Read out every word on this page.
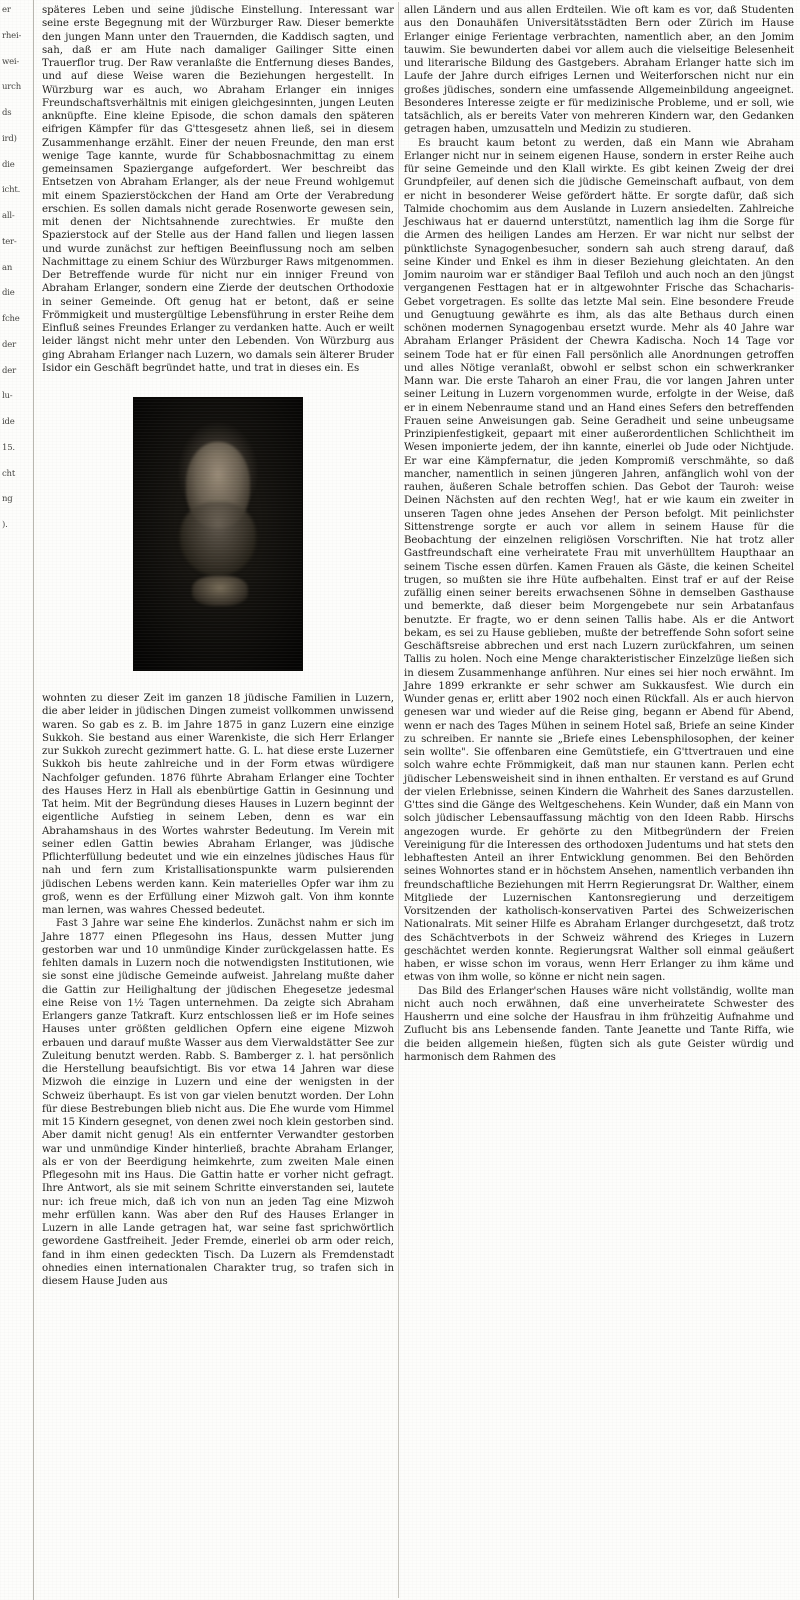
er
rhei-
wei-
urch
ds
ird)
die
icht.
all-
ter-
an
die
fche
der
der
lu-
ide
15.
cht
ng
).

späteres Leben und seine jüdische Einstellung. Interessant war seine erste Begegnung mit der Würzburger Raw. Dieser bemerkte den jungen Mann unter den Trauernden, die Kaddisch sagten, und sah, daß er am Hute nach damaliger Gailinger Sitte einen Trauerflor trug. Der Raw veranlaßte die Entfernung dieses Bandes, und auf diese Weise waren die Beziehungen hergestellt. In Würzburg war es auch, wo Abraham Erlanger ein inniges Freundschaftsverhältnis mit einigen gleichgesinnten, jungen Leuten anknüpfte. Eine kleine Episode, die schon damals den späteren eifrigen Kämpfer für das G'ttesgesetz ahnen ließ, sei in diesem Zusammenhange erzählt. Einer der neuen Freunde, den man erst wenige Tage kannte, wurde für Schabbosnachmittag zu einem gemeinsamen Spaziergange aufgefordert. Wer beschreibt das Entsetzen von Abraham Erlanger, als der neue Freund wohlgemut mit einem Spazierstöckchen der Hand am Orte der Verabredung erschien. Es sollen damals nicht gerade Rosenworte gewesen sein, mit denen der Nichtsahnende zurechtwies. Er mußte den Spazierstock auf der Stelle aus der Hand fallen und liegen lassen und wurde zunächst zur heftigen Beeinflussung noch am selben Nachmittage zu einem Schiur des Würzburger Raws mitgenommen. Der Betreffende wurde für nicht nur ein inniger Freund von Abraham Erlanger, sondern eine Zierde der deutschen Orthodoxie in seiner Gemeinde. Oft genug hat er betont, daß er seine Frömmigkeit und mustergültige Lebensführung in erster Reihe dem Einfluß seines Freundes Erlanger zu verdanken hatte. Auch er weilt leider längst nicht mehr unter den Lebenden. Von Würzburg aus ging Abraham Erlanger nach Luzern, wo damals sein älterer Bruder Isidor ein Geschäft begründet hatte, und trat in dieses ein. Es

wohnten zu dieser Zeit im ganzen 18 jüdische Familien in Luzern, die aber leider in jüdischen Dingen zumeist vollkommen unwissend waren. So gab es z. B. im Jahre 1875 in ganz Luzern eine einzige Sukkoh. Sie bestand aus einer Warenkiste, die sich Herr Erlanger zur Sukkoh zurecht gezimmert hatte. G. L. hat diese erste Luzerner Sukkoh bis heute zahlreiche und in der Form etwas würdigere Nachfolger gefunden. 1876 führte Abraham Erlanger eine Tochter des Hauses Herz in Hall als ebenbürtige Gattin in Gesinnung und Tat heim. Mit der Begründung dieses Hauses in Luzern beginnt der eigentliche Aufstieg in seinem Leben, denn es war ein Abrahamshaus in des Wortes wahrster Bedeutung. Im Verein mit seiner edlen Gattin bewies Abraham Erlanger, was jüdische Pflichterfüllung bedeutet und wie ein einzelnes jüdisches Haus für nah und fern zum Kristallisationspunkte warm pulsierenden jüdischen Lebens werden kann. Kein materielles Opfer war ihm zu groß, wenn es der Erfüllung einer Mizwoh galt. Von ihm konnte man lernen, was wahres Chessed bedeutet.

Fast 3 Jahre war seine Ehe kinderlos. Zunächst nahm er sich im Jahre 1877 einen Pflegesohn ins Haus, dessen Mutter jung gestorben war und 10 unmündige Kinder zurückgelassen hatte. Es fehlten damals in Luzern noch die notwendigsten Institutionen, wie sie sonst eine jüdische Gemeinde aufweist. Jahrelang mußte daher die Gattin zur Heilighaltung der jüdischen Ehegesetze jedesmal eine Reise von 1½ Tagen unternehmen. Da zeigte sich Abraham Erlangers ganze Tatkraft. Kurz entschlossen ließ er im Hofe seines Hauses unter größten geldlichen Opfern eine eigene Mizwoh erbauen und darauf mußte Wasser aus dem Vierwaldstätter See zur Zuleitung benutzt werden. Rabb. S. Bamberger z. l. hat persönlich die Herstellung beaufsichtigt. Bis vor etwa 14 Jahren war diese Mizwoh die einzige in Luzern und eine der wenigsten in der Schweiz überhaupt. Es ist von gar vielen benutzt worden. Der Lohn für diese Bestrebungen blieb nicht aus. Die Ehe wurde vom Himmel mit 15 Kindern gesegnet, von denen zwei noch klein gestorben sind. Aber damit nicht genug! Als ein entfernter Verwandter gestorben war und unmündige Kinder hinterließ, brachte Abraham Erlanger, als er von der Beerdigung heimkehrte, zum zweiten Male einen Pflegesohn mit ins Haus. Die Gattin hatte er vorher nicht gefragt. Ihre Antwort, als sie mit seinem Schritte einverstanden sei, lautete nur: ich freue mich, daß ich von nun an jeden Tag eine Mizwoh mehr erfüllen kann. Was aber den Ruf des Hauses Erlanger in Luzern in alle Lande getragen hat, war seine fast sprichwörtlich gewordene Gastfreiheit. Jeder Fremde, einerlei ob arm oder reich, fand in ihm einen gedeckten Tisch. Da Luzern als Fremdenstadt ohnedies einen internationalen Charakter trug, so trafen sich in diesem Hause Juden aus

allen Ländern und aus allen Erdteilen. Wie oft kam es vor, daß Studenten aus den Donauhäfen Universitätsstädten Bern oder Zürich im Hause Erlanger einige Ferientage verbrachten, namentlich aber, an den Jomim tauwim. Sie bewunderten dabei vor allem auch die vielseitige Belesenheit und literarische Bildung des Gastgebers. Abraham Erlanger hatte sich im Laufe der Jahre durch eifriges Lernen und Weiterforschen nicht nur ein großes jüdisches, sondern eine umfassende Allgemeinbildung angeeignet. Besonderes Interesse zeigte er für medizinische Probleme, und er soll, wie tatsächlich, als er bereits Vater von mehreren Kindern war, den Gedanken getragen haben, umzusatteln und Medizin zu studieren.

Es braucht kaum betont zu werden, daß ein Mann wie Abraham Erlanger nicht nur in seinem eigenen Hause, sondern in erster Reihe auch für seine Gemeinde und den Klall wirkte. Es gibt keinen Zweig der drei Grundpfeiler, auf denen sich die jüdische Gemeinschaft aufbaut, von dem er nicht in besonderer Weise gefördert hätte. Er sorgte dafür, daß sich Talmide chochomim aus dem Auslande in Luzern ansiedelten. Zahlreiche Jeschiwaus hat er dauernd unterstützt, namentlich lag ihm die Sorge für die Armen des heiligen Landes am Herzen. Er war nicht nur selbst der pünktlichste Synagogenbesucher, sondern sah auch streng darauf, daß seine Kinder und Enkel es ihm in dieser Beziehung gleichtaten. An den Jomim nauroim war er ständiger Baal Tefiloh und auch noch an den jüngst vergangenen Festtagen hat er in altgewohnter Frische das Schacharis-Gebet vorgetragen. Es sollte das letzte Mal sein. Eine besondere Freude und Genugtuung gewährte es ihm, als das alte Bethaus durch einen schönen modernen Synagogenbau ersetzt wurde. Mehr als 40 Jahre war Abraham Erlanger Präsident der Chewra Kadischa. Noch 14 Tage vor seinem Tode hat er für einen Fall persönlich alle Anordnungen getroffen und alles Nötige veranlaßt, obwohl er selbst schon ein schwerkranker Mann war. Die erste Taharoh an einer Frau, die vor langen Jahren unter seiner Leitung in Luzern vorgenommen wurde, erfolgte in der Weise, daß er in einem Nebenraume stand und an Hand eines Sefers den betreffenden Frauen seine Anweisungen gab. Seine Geradheit und seine unbeugsame Prinzipienfestigkeit, gepaart mit einer außerordentlichen Schlichtheit im Wesen imponierte jedem, der ihn kannte, einerlei ob Jude oder Nichtjude. Er war eine Kämpfernatur, die jeden Kompromiß verschmähte, so daß mancher, namentlich in seinen jüngeren Jahren, anfänglich wohl von der rauhen, äußeren Schale betroffen schien. Das Gebot der Tauroh: weise Deinen Nächsten auf den rechten Weg!, hat er wie kaum ein zweiter in unseren Tagen ohne jedes Ansehen der Person befolgt. Mit peinlichster Sittenstrenge sorgte er auch vor allem in seinem Hause für die Beobachtung der einzelnen religiösen Vorschriften. Nie hat trotz aller Gastfreundschaft eine verheiratete Frau mit unverhülltem Haupthaar an seinem Tische essen dürfen. Kamen Frauen als Gäste, die keinen Scheitel trugen, so mußten sie ihre Hüte aufbehalten. Einst traf er auf der Reise zufällig einen seiner bereits erwachsenen Söhne in demselben Gasthause und bemerkte, daß dieser beim Morgengebete nur sein Arbatanfaus benutzte. Er fragte, wo er denn seinen Tallis habe. Als er die Antwort bekam, es sei zu Hause geblieben, mußte der betreffende Sohn sofort seine Geschäftsreise abbrechen und erst nach Luzern zurückfahren, um seinen Tallis zu holen. Noch eine Menge charakteristischer Einzelzüge ließen sich in diesem Zusammenhange anführen. Nur eines sei hier noch erwähnt. Im Jahre 1899 erkrankte er sehr schwer am Sukkausfest. Wie durch ein Wunder genas er, erlitt aber 1902 noch einen Rückfall. Als er auch hiervon genesen war und wieder auf die Reise ging, begann er Abend für Abend, wenn er nach des Tages Mühen in seinem Hotel saß, Briefe an seine Kinder zu schreiben. Er nannte sie „Briefe eines Lebensphilosophen, der keiner sein wollte". Sie offenbaren eine Gemütstiefe, ein G'ttvertrauen und eine solch wahre echte Frömmigkeit, daß man nur staunen kann. Perlen echt jüdischer Lebensweisheit sind in ihnen enthalten. Er verstand es auf Grund der vielen Erlebnisse, seinen Kindern die Wahrheit des Sanes darzustellen. G'ttes sind die Gänge des Weltgeschehens. Kein Wunder, daß ein Mann von solch jüdischer Lebensauffassung mächtig von den Ideen Rabb. Hirschs angezogen wurde. Er gehörte zu den Mitbegründern der Freien Vereinigung für die Interessen des orthodoxen Judentums und hat stets den lebhaftesten Anteil an ihrer Entwicklung genommen. Bei den Behörden seines Wohnortes stand er in höchstem Ansehen, namentlich verbanden ihn freundschaftliche Beziehungen mit Herrn Regierungsrat Dr. Walther, einem Mitgliede der Luzernischen Kantonsregierung und derzeitigem Vorsitzenden der katholisch-konservativen Partei des Schweizerischen Nationalrats. Mit seiner Hilfe es Abraham Erlanger durchgesetzt, daß trotz des Schächtverbots in der Schweiz während des Krieges in Luzern geschächtet werden konnte. Regierungsrat Walther soll einmal geäußert haben, er wisse schon im voraus, wenn Herr Erlanger zu ihm käme und etwas von ihm wolle, so könne er nicht nein sagen.

Das Bild des Erlanger'schen Hauses wäre nicht vollständig, wollte man nicht auch noch erwähnen, daß eine unverheiratete Schwester des Hausherrn und eine solche der Hausfrau in ihm frühzeitig Aufnahme und Zuflucht bis ans Lebensende fanden. Tante Jeanette und Tante Riffa, wie die beiden allgemein hießen, fügten sich als gute Geister würdig und harmonisch dem Rahmen des
